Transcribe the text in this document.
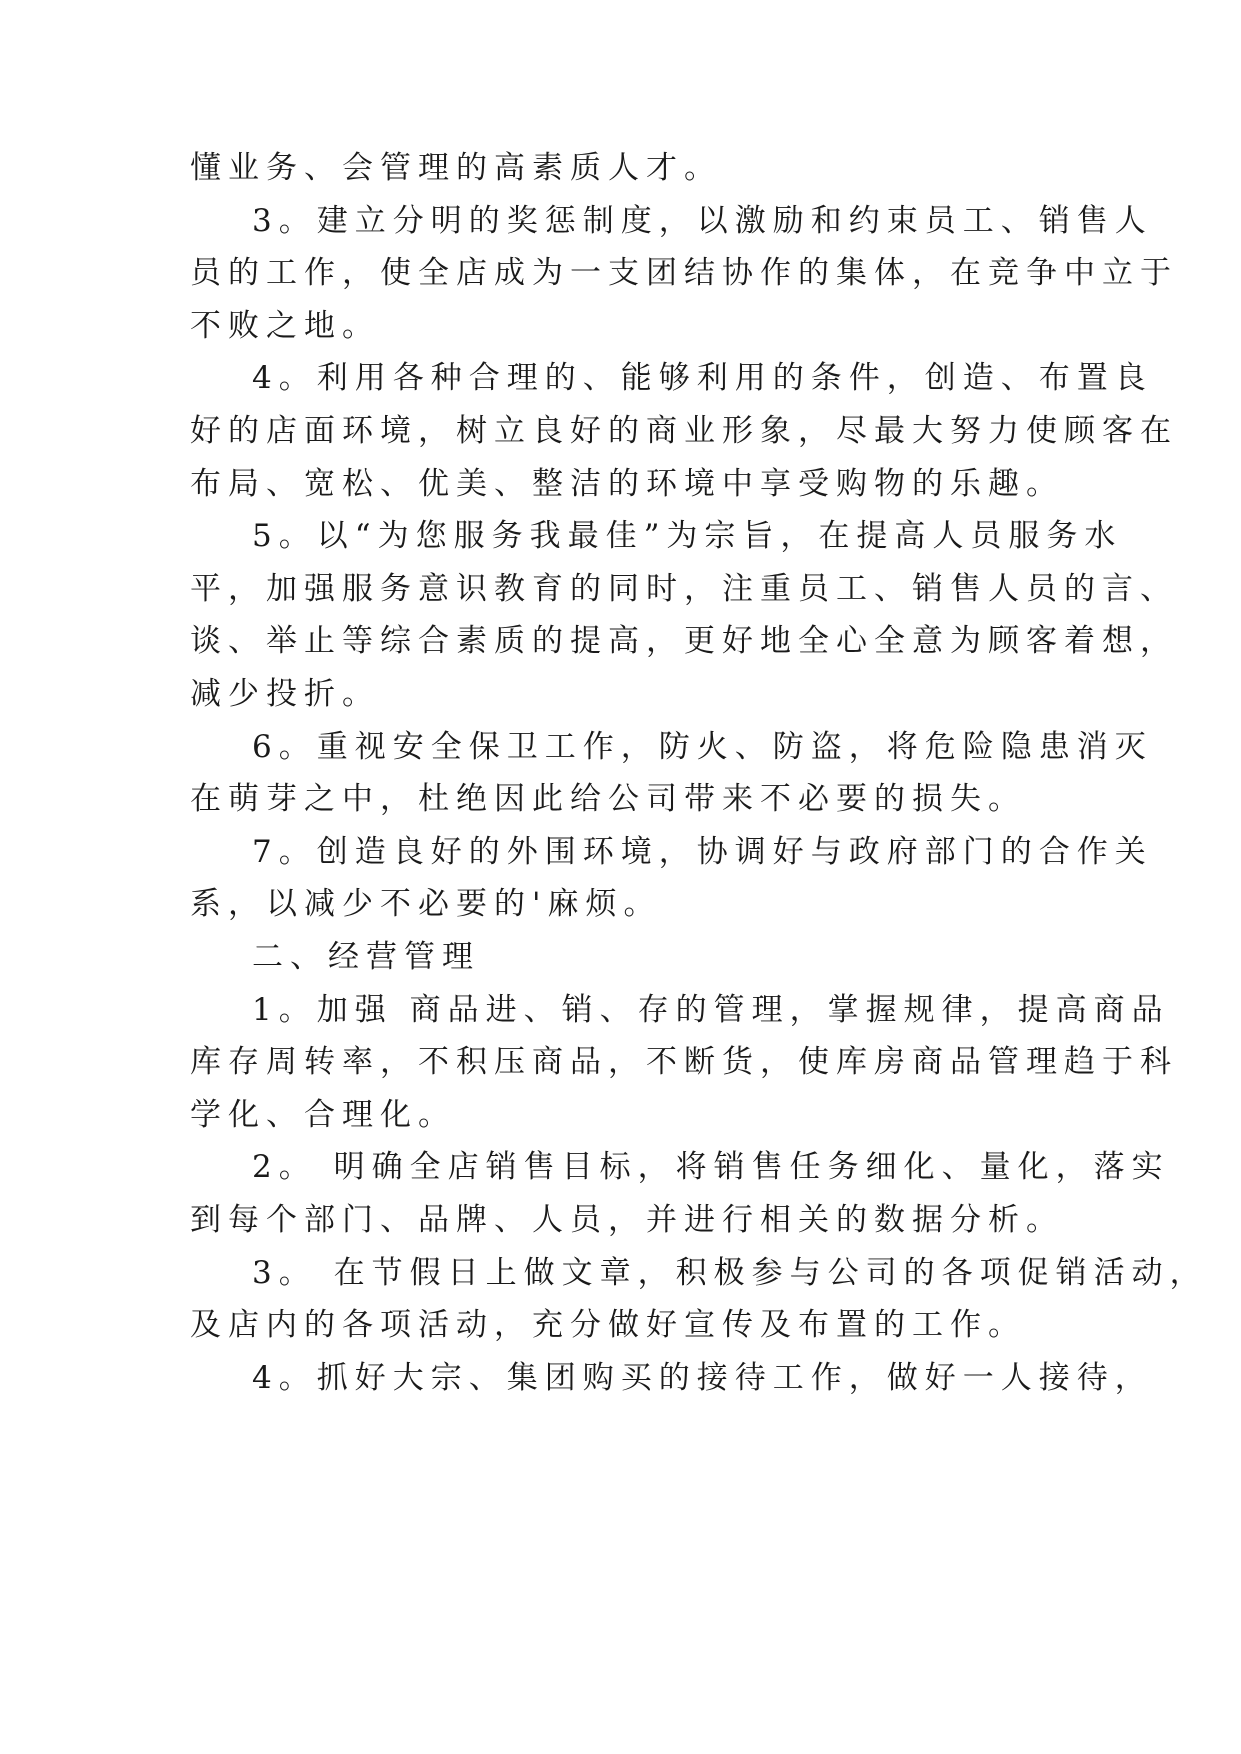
懂业务、会管理的高素质人才。
3。建立分明的奖惩制度，以激励和约束员工、销售人
员的工作，使全店成为一支团结协作的集体，在竞争中立于
不败之地。
4。利用各种合理的、能够利用的条件，创造、布置良
好的店面环境，树立良好的商业形象，尽最大努力使顾客在
布局、宽松、优美、整洁的环境中享受购物的乐趣。
5。以“为您服务我最佳”为宗旨，在提高人员服务水
平，加强服务意识教育的同时，注重员工、销售人员的言、
谈、举止等综合素质的提高，更好地全心全意为顾客着想，
减少投折。
6。重视安全保卫工作，防火、防盗，将危险隐患消灭
在萌芽之中，杜绝因此给公司带来不必要的损失。
7。创造良好的外围环境，协调好与政府部门的合作关
系，以减少不必要的'麻烦。
二、经营管理
1。加强 商品进、销、存的管理，掌握规律，提高商品
库存周转率，不积压商品，不断货，使库房商品管理趋于科
学化、合理化。
2。 明确全店销售目标，将销售任务细化、量化，落实
到每个部门、品牌、人员，并进行相关的数据分析。
3。 在节假日上做文章，积极参与公司的各项促销活动，
及店内的各项活动，充分做好宣传及布置的工作。
4。抓好大宗、集团购买的接待工作，做好一人接待，
